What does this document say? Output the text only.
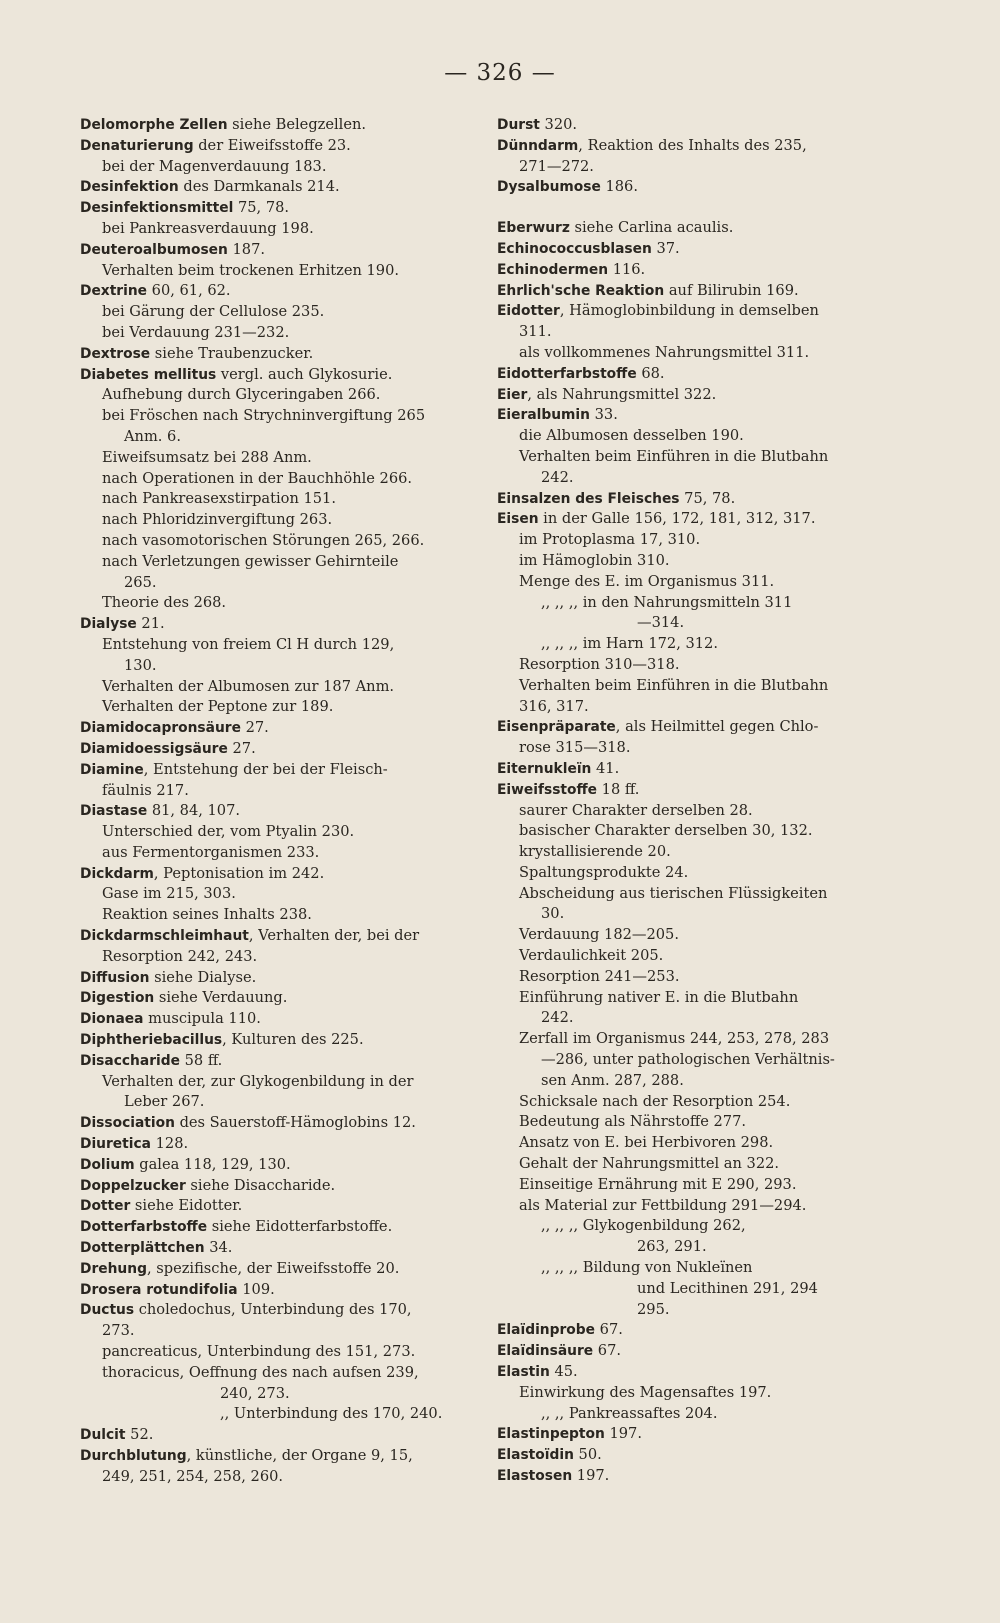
— 326 —
Delomorphe Zellen siehe Belegzellen.
Denaturierung der Eiweifsstoffe 23.
bei der Magenverdauung 183.
Desinfektion des Darmkanals 214.
Desinfektionsmittel 75, 78.
bei Pankreasverdauung 198.
Deuteroalbumosen 187.
Verhalten beim trockenen Erhitzen 190.
Dextrine 60, 61, 62.
bei Gärung der Cellulose 235.
bei Verdauung 231—232.
Dextrose siehe Traubenzucker.
Diabetes mellitus vergl. auch Glykosurie.
Aufhebung durch Glyceringaben 266.
bei Fröschen nach Strychninvergiftung 265
Anm. 6.
Eiweifsumsatz bei 288 Anm.
nach Operationen in der Bauchhöhle 266.
nach Pankreasexstirpation 151.
nach Phloridzinvergiftung 263.
nach vasomotorischen Störungen 265, 266.
nach Verletzungen gewisser Gehirnteile
265.
Theorie des 268.
Dialyse 21.
Entstehung von freiem Cl H durch 129,
130.
Verhalten der Albumosen zur 187 Anm.
Verhalten der Peptone zur 189.
Diamidocapronsäure 27.
Diamidoessigsäure 27.
Diamine, Entstehung der bei der Fleisch-
fäulnis 217.
Diastase 81, 84, 107.
Unterschied der, vom Ptyalin 230.
aus Fermentorganismen 233.
Dickdarm, Peptonisation im 242.
Gase im 215, 303.
Reaktion seines Inhalts 238.
Dickdarmschleimhaut, Verhalten der, bei der
Resorption 242, 243.
Diffusion siehe Dialyse.
Digestion siehe Verdauung.
Dionaea muscipula 110.
Diphtheriebacillus, Kulturen des 225.
Disaccharide 58 ff.
Verhalten der, zur Glykogenbildung in der
Leber 267.
Dissociation des Sauerstoff-Hämoglobins 12.
Diuretica 128.
Dolium galea 118, 129, 130.
Doppelzucker siehe Disaccharide.
Dotter siehe Eidotter.
Dotterfarbstoffe siehe Eidotterfarbstoffe.
Dotterplättchen 34.
Drehung, spezifische, der Eiweifsstoffe 20.
Drosera rotundifolia 109.
Ductus choledochus, Unterbindung des 170,
273.
pancreaticus, Unterbindung des 151, 273.
thoracicus, Oeffnung des nach aufsen 239,
240, 273.
,, Unterbindung des 170, 240.
Dulcit 52.
Durchblutung, künstliche, der Organe 9, 15,
249, 251, 254, 258, 260.
Durst 320.
Dünndarm, Reaktion des Inhalts des 235,
271—272.
Dysalbumose 186.
Eberwurz siehe Carlina acaulis.
Echinococcusblasen 37.
Echinodermen 116.
Ehrlich'sche Reaktion auf Bilirubin 169.
Eidotter, Hämoglobinbildung in demselben
311.
als vollkommenes Nahrungsmittel 311.
Eidotterfarbstoffe 68.
Eier, als Nahrungsmittel 322.
Eieralbumin 33.
die Albumosen desselben 190.
Verhalten beim Einführen in die Blutbahn
242.
Einsalzen des Fleisches 75, 78.
Eisen in der Galle 156, 172, 181, 312, 317.
im Protoplasma 17, 310.
im Hämoglobin 310.
Menge des E. im Organismus 311.
,, ,, ,, in den Nahrungsmitteln 311
—314.
,, ,, ,, im Harn 172, 312.
Resorption 310—318.
Verhalten beim Einführen in die Blutbahn
316, 317.
Eisenpräparate, als Heilmittel gegen Chlo-
rose 315—318.
Eiternukleïn 41.
Eiweifsstoffe 18 ff.
saurer Charakter derselben 28.
basischer Charakter derselben 30, 132.
krystallisierende 20.
Spaltungsprodukte 24.
Abscheidung aus tierischen Flüssigkeiten
30.
Verdauung 182—205.
Verdaulichkeit 205.
Resorption 241—253.
Einführung nativer E. in die Blutbahn
242.
Zerfall im Organismus 244, 253, 278, 283
—286, unter pathologischen Verhältnis-
sen Anm. 287, 288.
Schicksale nach der Resorption 254.
Bedeutung als Nährstoffe 277.
Ansatz von E. bei Herbivoren 298.
Gehalt der Nahrungsmittel an 322.
Einseitige Ernährung mit E 290, 293.
als Material zur Fettbildung 291—294.
,, ,, ,, Glykogenbildung 262,
263, 291.
,, ,, ,, Bildung von Nukleïnen
und Lecithinen 291, 294
295.
Elaïdinprobe 67.
Elaïdinsäure 67.
Elastin 45.
Einwirkung des Magensaftes 197.
,, ,, Pankreassaftes 204.
Elastinpepton 197.
Elastoïdin 50.
Elastosen 197.
